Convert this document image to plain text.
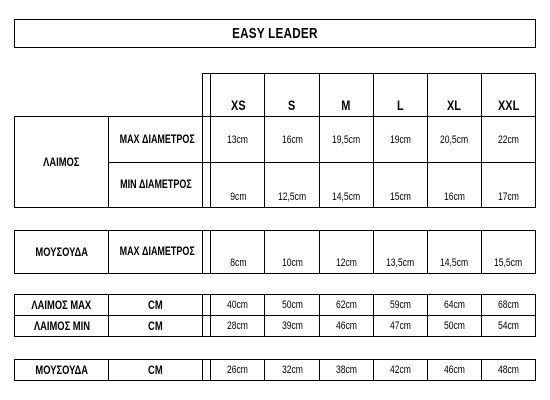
EASY LEADER
			XS	S	M	L	XL	XXL
ΛΑΙΜΟΣ	MAX ΔΙΑΜΕΤΡΟΣ		13cm	16cm	19,5cm	19cm	20,5cm	22cm
	MIN ΔΙΑΜΕΤΡΟΣ		9cm	12,5cm	14,5cm	15cm	16cm	17cm
ΜΟΥΣΟΥΔΑ	MAX ΔΙΑΜΕΤΡΟΣ		8cm	10cm	12cm	13,5cm	14,5cm	15,5cm
ΛΑΙΜΟΣ MAX	CM		40cm	50cm	62cm	59cm	64cm	68cm
ΛΑΙΜΟΣ MIN	CM		28cm	39cm	46cm	47cm	50cm	54cm
ΜΟΥΣΟΥΔΑ	CM		26cm	32cm	38cm	42cm	46cm	48cm
